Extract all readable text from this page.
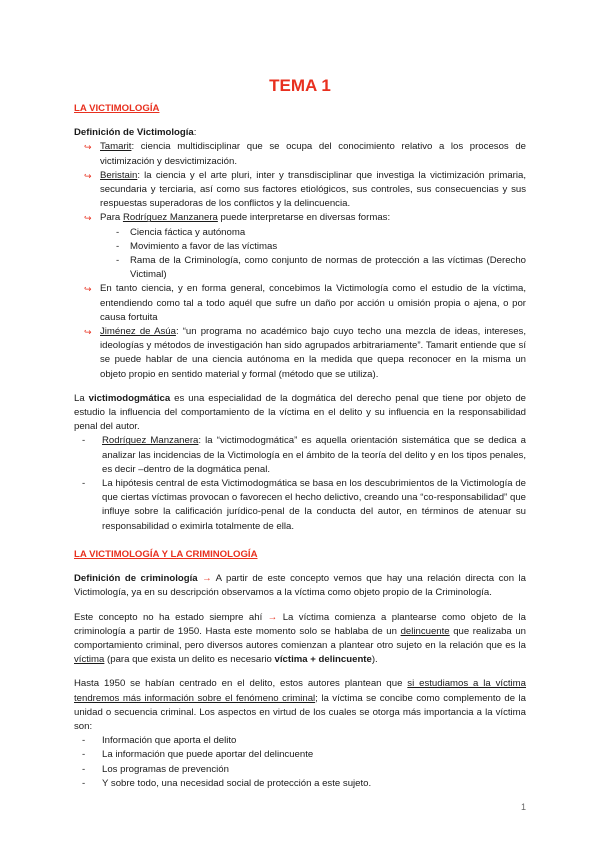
TEMA 1
LA VICTIMOLOGÍA

Definición de Victimología:

↪ Tamarit: ciencia multidisciplinar que se ocupa del conocimiento relativo a los procesos de victimización y desvictimización.
↪ Beristain: la ciencia y el arte pluri, inter y transdisciplinar que investiga la victimización primaria, secundaria y terciaria, así como sus factores etiológicos, sus controles, sus consecuencias y sus respuestas superadoras de los conflictos y la delincuencia.
↪ Para Rodríguez Manzanera puede interpretarse en diversas formas:
- Ciencia fáctica y autónoma
- Movimiento a favor de las víctimas
- Rama de la Criminología, como conjunto de normas de protección a las víctimas (Derecho Victimal)
↪ En tanto ciencia, y en forma general, concebimos la Victimología como el estudio de la víctima, entendiendo como tal a todo aquél que sufre un daño por acción u omisión propia o ajena, o por causa fortuita
↪ Jiménez de Asúa: “un programa no académico bajo cuyo techo una mezcla de ideas, intereses, ideologías y métodos de investigación han sido agrupados arbitrariamente”. Tamarit entiende que sí se puede hablar de una ciencia autónoma en la medida que quepa reconocer en la misma un objeto propio en sentido material y formal (método que se utiliza).

La victimodogmática es una especialidad de la dogmática del derecho penal que tiene por objeto de estudio la influencia del comportamiento de la víctima en el delito y su influencia en la responsabilidad penal del autor.

- Rodríguez Manzanera: la “victimodogmática” es aquella orientación sistemática que se dedica a analizar las incidencias de la Victimología en el ámbito de la teoría del delito y en los tipos penales, es decir –dentro de la dogmática penal.
- La hipótesis central de esta Victimodogmática se basa en los descubrimientos de la Victimología de que ciertas víctimas provocan o favorecen el hecho delictivo, creando una “co-responsabilidad” que influye sobre la calificación jurídico-penal de la conducta del autor, en términos de atenuar su responsabilidad o eximirla totalmente de ella.
LA VICTIMOLOGÍA Y LA CRIMINOLOGÍA

Definición de criminología → A partir de este concepto vemos que hay una relación directa con la Victimología, ya en su descripción observamos a la víctima como objeto propio de la Criminología.

Este concepto no ha estado siempre ahí → La víctima comienza a plantearse como objeto de la criminología a partir de 1950. Hasta este momento solo se hablaba de un delincuente que realizaba un comportamiento criminal, pero diversos autores comienzan a plantear otro sujeto en la relación que es la víctima (para que exista un delito es necesario víctima + delincuente).

Hasta 1950 se habían centrado en el delito, estos autores plantean que si estudiamos a la víctima tendremos más información sobre el fenómeno criminal; la víctima se concibe como complemento de la unidad o secuencia criminal. Los aspectos en virtud de los cuales se otorga más importancia a la víctima son:

- Información que aporta el delito
- La información que puede aportar del delincuente
- Los programas de prevención
- Y sobre todo, una necesidad social de protección a este sujeto.
1
